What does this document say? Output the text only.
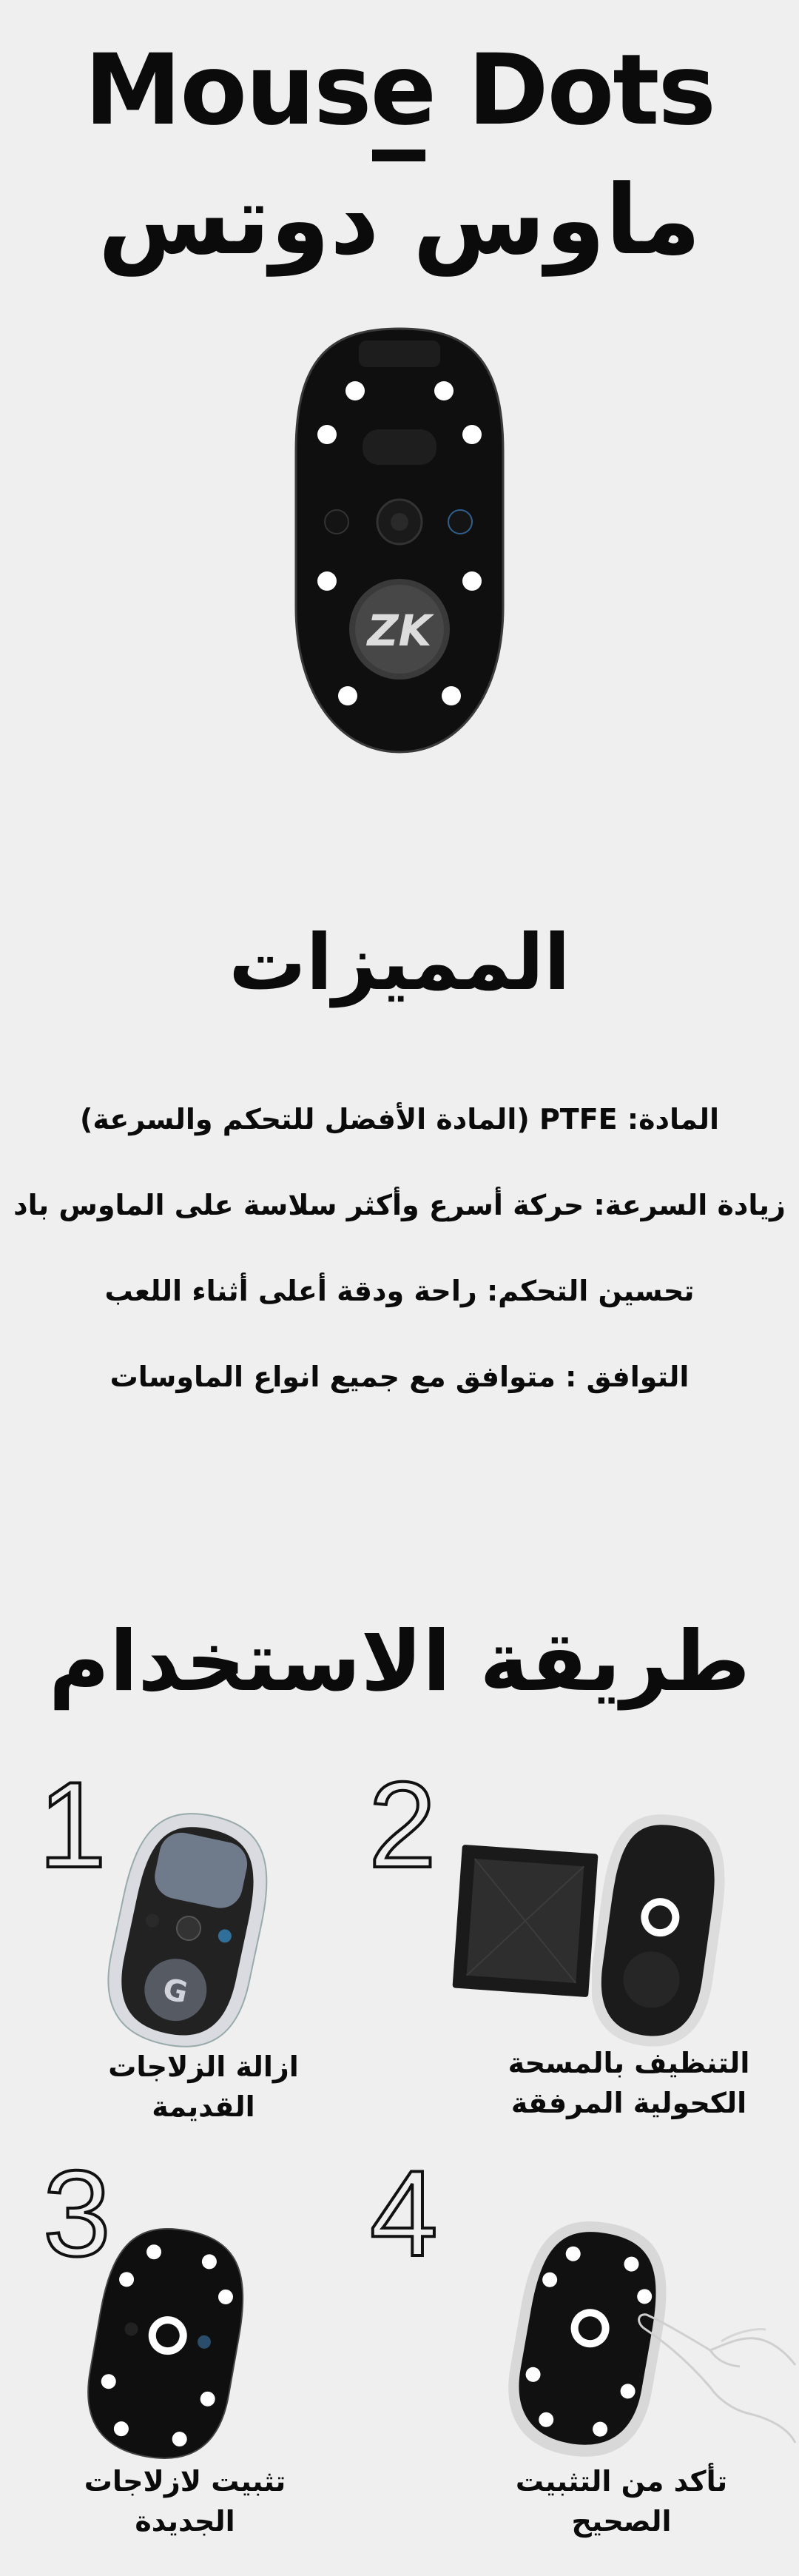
Mouse Dots
ماوس دوتس
ZK
المميزات
المادة: PTFE (المادة الأفضل للتحكم والسرعة)
زيادة السرعة: حركة أسرع وأكثر سلاسة على الماوس باد
تحسين التحكم: راحة ودقة أعلى أثناء اللعب
التوافق : متوافق مع جميع انواع الماوسات
طريقة الاستخدام
1
G
ازالة الزلاجات
القديمة
2
التنظيف بالمسحة
الكحولية المرفقة
3
تثبيت لازلاجات
الجديدة
4
تأكد من التثبيت
الصحيح
